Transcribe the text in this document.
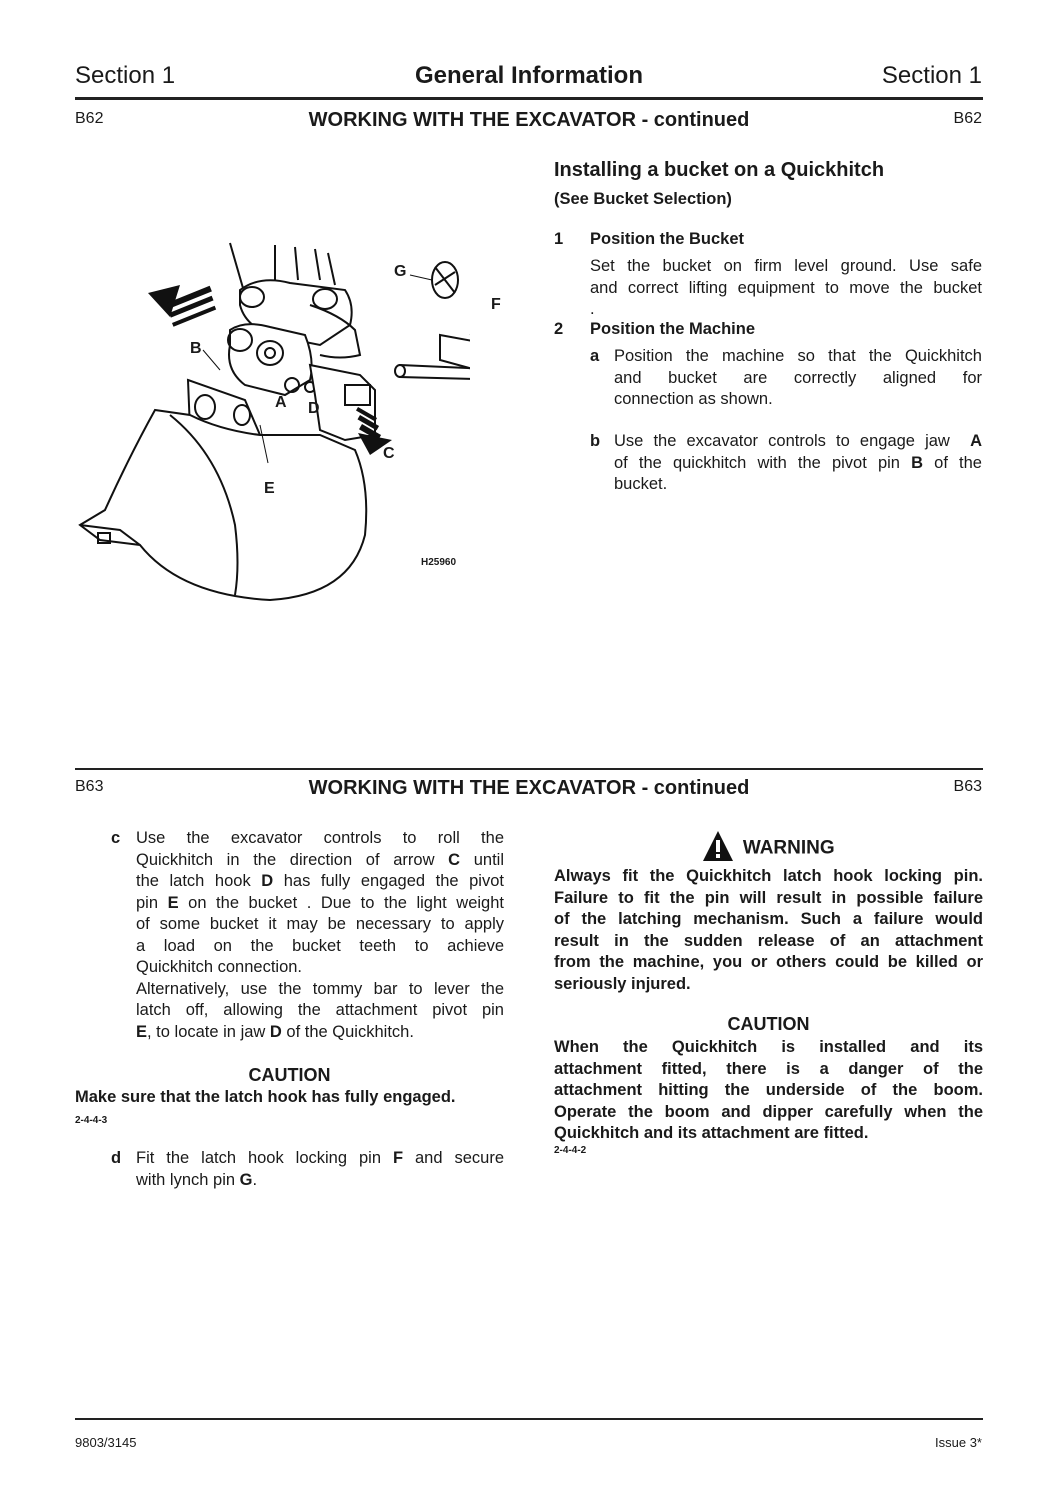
Section 1	General Information	Section 1
B62	WORKING WITH THE EXCAVATOR - continued	B62
G
F
B
A D
C
E
H25960
Installing a bucket on a Quickhitch
(See Bucket Selection)
1 Position the Bucket
Set the bucket on firm level ground. Use safe
and correct lifting equipment to move the bucket
.
2 Position the Machine
a Position the machine so that the Quickhitch
and bucket are correctly aligned for
connection as shown.
b Use the excavator controls to engage jaw A
of the quickhitch with the pivot pin B of the
bucket.
B63	WORKING WITH THE EXCAVATOR - continued	B63
c Use the excavator controls to roll the
Quickhitch in the direction of arrow C until
the latch hook D has fully engaged the pivot
pin E on the bucket . Due to the light weight
of some bucket it may be necessary to apply
a load on the bucket teeth to achieve
Quickhitch connection.
Alternatively, use the tommy bar to lever the
latch off, allowing the attachment pivot pin
E, to locate in jaw D of the Quickhitch.
CAUTION
Make sure that the latch hook has fully engaged.
2-4-4-3
d Fit the latch hook locking pin F and secure
with lynch pin G.
WARNING
Always fit the Quickhitch latch hook locking pin.
Failure to fit the pin will result in possible failure
of the latching mechanism. Such a failure would
result in the sudden release of an attachment
from the machine, you or others could be killed or
seriously injured.
CAUTION
When the Quickhitch is installed and its
attachment fitted, there is a danger of the
attachment hitting the underside of the boom.
Operate the boom and dipper carefully when the
Quickhitch and its attachment are fitted.
2-4-4-2
9803/3145	Issue 3*
